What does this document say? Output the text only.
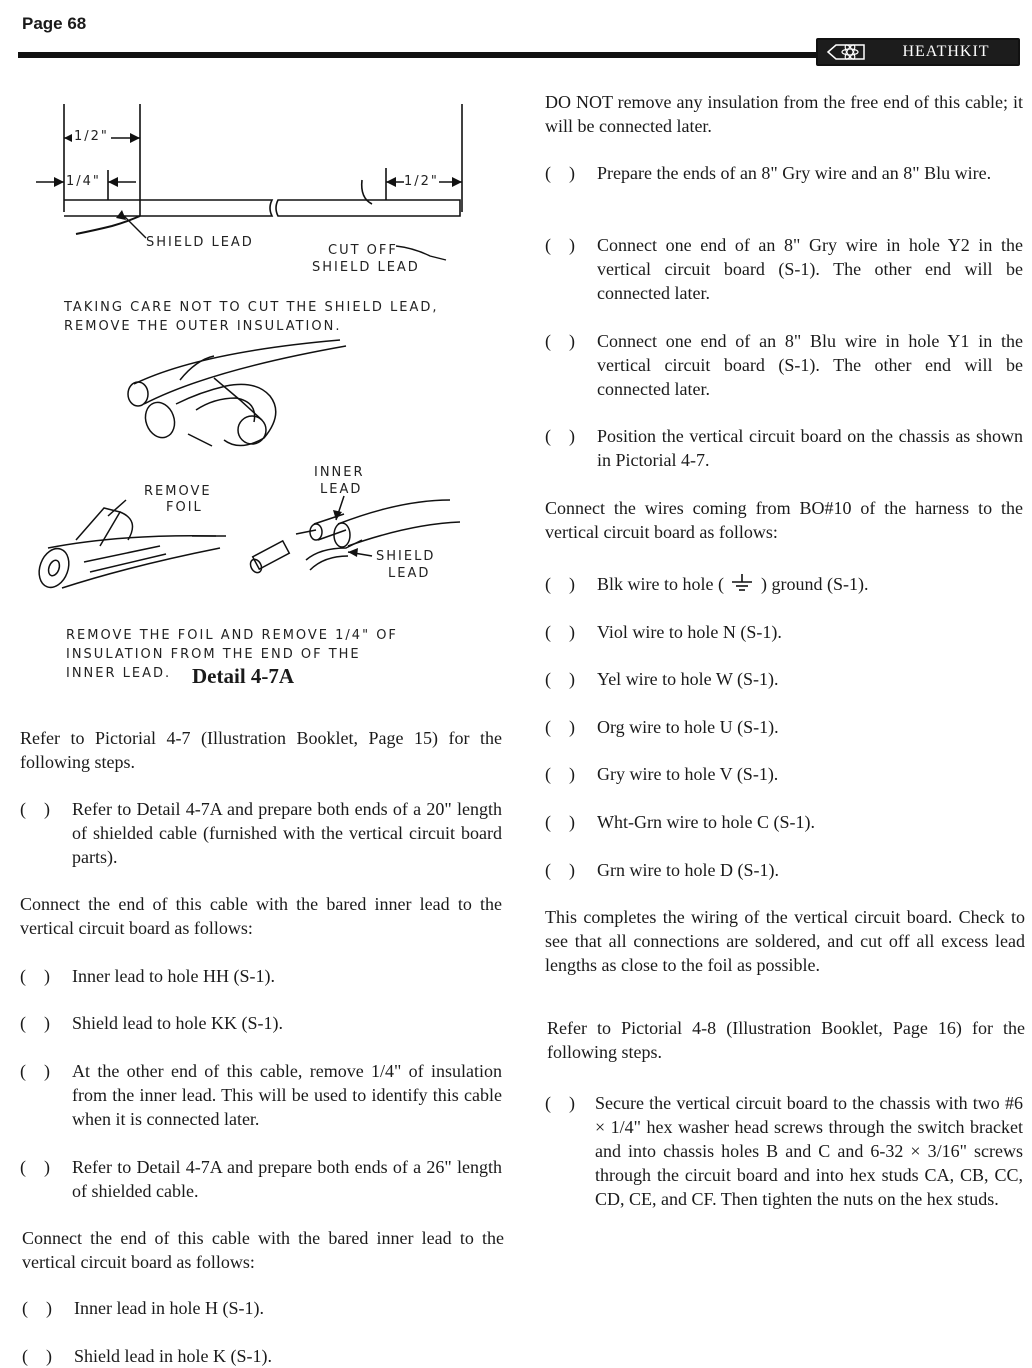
Page 68
HEATHKIT
1/2"
1/4"	1/2"
SHIELD LEAD
CUT OFF
SHIELD LEAD
TAKING CARE NOT TO CUT THE SHIELD LEAD,
REMOVE THE OUTER INSULATION.
INNER
LEAD
REMOVE
FOIL
SHIELD
LEAD
REMOVE THE FOIL AND REMOVE 1/4" OF
INSULATION FROM THE END OF THE
INNER LEAD. Detail 4-7A

Refer to Pictorial 4-7 (Illustration Booklet, Page 15) for the following steps.

(    ) Refer to Detail 4-7A and prepare both ends of a 20" length of shielded cable (furnished with the vertical circuit board parts).

Connect the end of this cable with the bared inner lead to the vertical circuit board as follows:

(    ) Inner lead to hole HH (S-1).
(    ) Shield lead to hole KK (S-1).
(    ) At the other end of this cable, remove 1/4" of insulation from the inner lead. This will be used to identify this cable when it is connected later.
(    ) Refer to Detail 4-7A and prepare both ends of a 26" length of shielded cable.

Connect the end of this cable with the bared inner lead to the vertical circuit board as follows:

(    ) Inner lead in hole H (S-1).
(    ) Shield lead in hole K (S-1).

DO NOT remove any insulation from the free end of this cable; it will be connected later.

(    ) Prepare the ends of an 8" Gry wire and an 8" Blu wire.
(    ) Connect one end of an 8" Gry wire in hole Y2 in the vertical circuit board (S-1). The other end will be connected later.
(    ) Connect one end of an 8" Blu wire in hole Y1 in the vertical circuit board (S-1). The other end will be connected later.
(    ) Position the vertical circuit board on the chassis as shown in Pictorial 4-7.

Connect the wires coming from BO#10 of the harness to the vertical circuit board as follows:

(    ) Blk wire to hole ( ) ground (S-1).
(    ) Viol wire to hole N (S-1).
(    ) Yel wire to hole W (S-1).
(    ) Org wire to hole U (S-1).
(    ) Gry wire to hole V (S-1).
(    ) Wht-Grn wire to hole C (S-1).
(    ) Grn wire to hole D (S-1).

This completes the wiring of the vertical circuit board. Check to see that all connections are soldered, and cut off all excess lead lengths as close to the foil as possible.

Refer to Pictorial 4-8 (Illustration Booklet, Page 16) for the following steps.

(    ) Secure the vertical circuit board to the chassis with two #6 × 1/4" hex washer head screws through the switch bracket and into chassis holes B and C and 6-32 × 3/16" screws through the circuit board and into hex studs CA, CB, CC, CD, CE, and CF. Then tighten the nuts on the hex studs.
